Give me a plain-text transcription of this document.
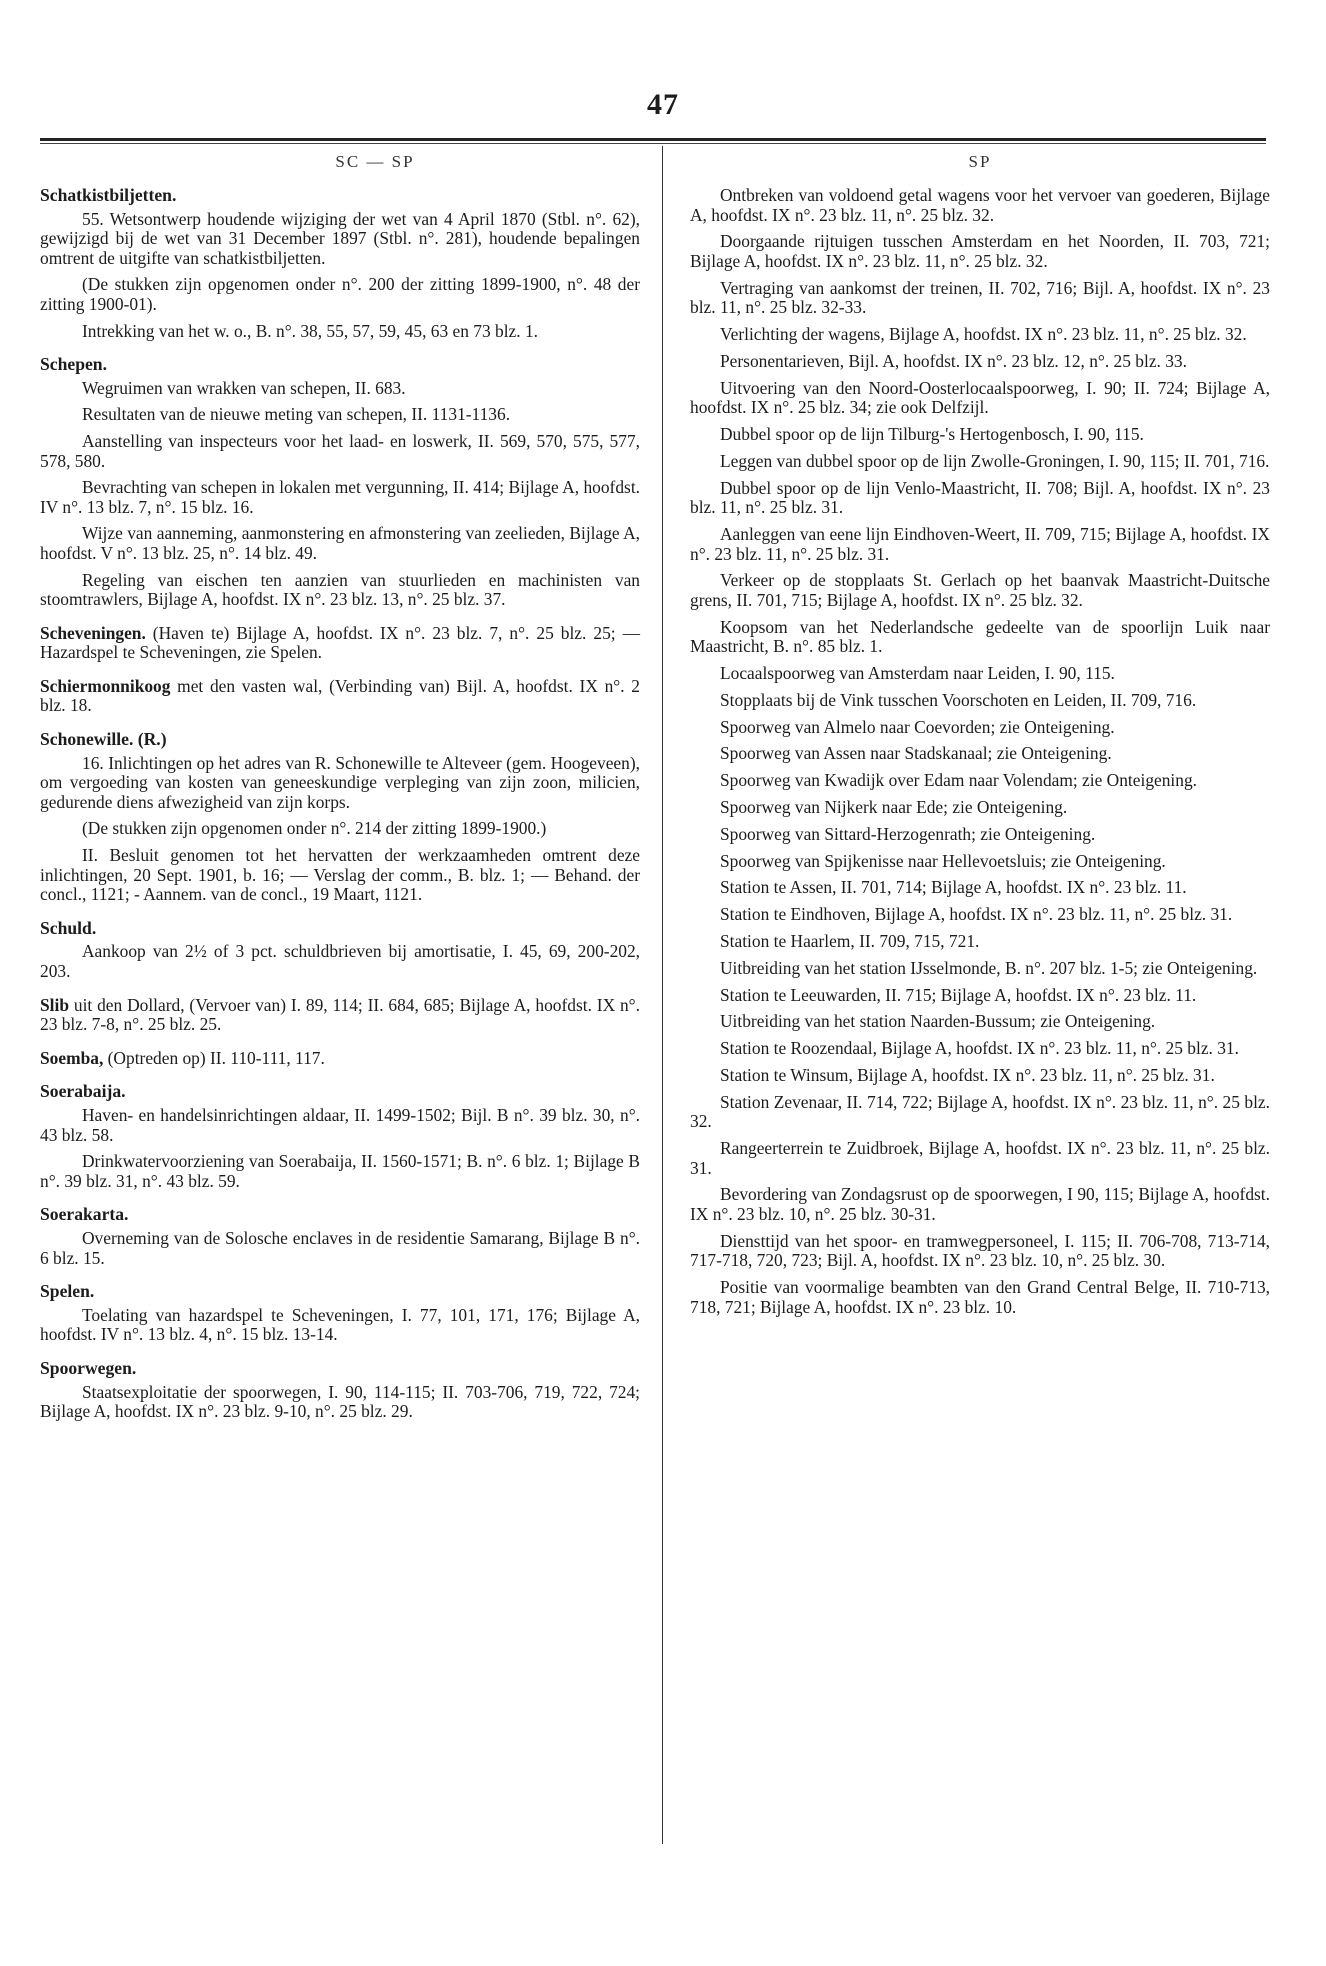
47
SC — SP
Schatkistbiljetten.

55. Wetsontwerp houdende wijziging der wet van 4 April 1870 (Stbl. n°. 62), gewijzigd bij de wet van 31 December 1897 (Stbl. n°. 281), houdende bepalingen omtrent de uitgifte van schatkistbiljetten.

(De stukken zijn opgenomen onder n°. 200 der zitting 1899-1900, n°. 48 der zitting 1900-01).

Intrekking van het w. o., B. n°. 38, 55, 57, 59, 45, 63 en 73 blz. 1.

Schepen.

Wegruimen van wrakken van schepen, II. 683.

Resultaten van de nieuwe meting van schepen, II. 1131-1136.

Aanstelling van inspecteurs voor het laad- en loswerk, II. 569, 570, 575, 577, 578, 580.

Bevrachting van schepen in lokalen met vergunning, II. 414; Bijlage A, hoofdst. IV n°. 13 blz. 7, n°. 15 blz. 16.

Wijze van aanneming, aanmonstering en afmonstering van zeelieden, Bijlage A, hoofdst. V n°. 13 blz. 25, n°. 14 blz. 49.

Regeling van eischen ten aanzien van stuurlieden en machinisten van stoomtrawlers, Bijlage A, hoofdst. IX n°. 23 blz. 13, n°. 25 blz. 37.

Scheveningen. (Haven te) Bijlage A, hoofdst. IX n°. 23 blz. 7, n°. 25 blz. 25; — Hazardspel te Scheveningen, zie Spelen.
Schiermonnikoog met den vasten wal, (Verbinding van) Bijl. A, hoofdst. IX n°. 2 blz. 18.
Schonewille. (R.)

16. Inlichtingen op het adres van R. Schonewille te Alteveer (gem. Hoogeveen), om vergoeding van kosten van geneeskundige verpleging van zijn zoon, milicien, gedurende diens afwezigheid van zijn korps.

(De stukken zijn opgenomen onder n°. 214 der zitting 1899-1900.)

II. Besluit genomen tot het hervatten der werkzaamheden omtrent deze inlichtingen, 20 Sept. 1901, b. 16; — Verslag der comm., B. blz. 1; — Behand. der concl., 1121; - Aannem. van de concl., 19 Maart, 1121.

Schuld.

Aankoop van 2½ of 3 pct. schuldbrieven bij amortisatie, I. 45, 69, 200-202, 203.

Slib uit den Dollard, (Vervoer van) I. 89, 114; II. 684, 685; Bijlage A, hoofdst. IX n°. 23 blz. 7-8, n°. 25 blz. 25.
Soemba, (Optreden op) II. 110-111, 117.
Soerabaija.

Haven- en handelsinrichtingen aldaar, II. 1499-1502; Bijl. B n°. 39 blz. 30, n°. 43 blz. 58.

Drinkwatervoorziening van Soerabaija, II. 1560-1571; B. n°. 6 blz. 1; Bijlage B n°. 39 blz. 31, n°. 43 blz. 59.

Soerakarta.

Overneming van de Solosche enclaves in de residentie Samarang, Bijlage B n°. 6 blz. 15.

Spelen.

Toelating van hazardspel te Scheveningen, I. 77, 101, 171, 176; Bijlage A, hoofdst. IV n°. 13 blz. 4, n°. 15 blz. 13-14.

Spoorwegen.

Staatsexploitatie der spoorwegen, I. 90, 114-115; II. 703-706, 719, 722, 724; Bijlage A, hoofdst. IX n°. 23 blz. 9-10, n°. 25 blz. 29.

SP

Ontbreken van voldoend getal wagens voor het vervoer van goederen, Bijlage A, hoofdst. IX n°. 23 blz. 11, n°. 25 blz. 32.

Doorgaande rijtuigen tusschen Amsterdam en het Noorden, II. 703, 721; Bijlage A, hoofdst. IX n°. 23 blz. 11, n°. 25 blz. 32.

Vertraging van aankomst der treinen, II. 702, 716; Bijl. A, hoofdst. IX n°. 23 blz. 11, n°. 25 blz. 32-33.

Verlichting der wagens, Bijlage A, hoofdst. IX n°. 23 blz. 11, n°. 25 blz. 32.

Personentarieven, Bijl. A, hoofdst. IX n°. 23 blz. 12, n°. 25 blz. 33.

Uitvoering van den Noord-Oosterlocaalspoorweg, I. 90; II. 724; Bijlage A, hoofdst. IX n°. 25 blz. 34; zie ook Delfzijl.

Dubbel spoor op de lijn Tilburg-'s Hertogenbosch, I. 90, 115.

Leggen van dubbel spoor op de lijn Zwolle-Groningen, I. 90, 115; II. 701, 716.

Dubbel spoor op de lijn Venlo-Maastricht, II. 708; Bijl. A, hoofdst. IX n°. 23 blz. 11, n°. 25 blz. 31.

Aanleggen van eene lijn Eindhoven-Weert, II. 709, 715; Bijlage A, hoofdst. IX n°. 23 blz. 11, n°. 25 blz. 31.

Verkeer op de stopplaats St. Gerlach op het baanvak Maastricht-Duitsche grens, II. 701, 715; Bijlage A, hoofdst. IX n°. 25 blz. 32.

Koopsom van het Nederlandsche gedeelte van de spoorlijn Luik naar Maastricht, B. n°. 85 blz. 1.

Locaalspoorweg van Amsterdam naar Leiden, I. 90, 115.

Stopplaats bij de Vink tusschen Voorschoten en Leiden, II. 709, 716.

Spoorweg van Almelo naar Coevorden; zie Onteigening.

Spoorweg van Assen naar Stadskanaal; zie Onteigening.

Spoorweg van Kwadijk over Edam naar Volendam; zie Onteigening.

Spoorweg van Nijkerk naar Ede; zie Onteigening.

Spoorweg van Sittard-Herzogenrath; zie Onteigening.

Spoorweg van Spijkenisse naar Hellevoetsluis; zie Onteigening.

Station te Assen, II. 701, 714; Bijlage A, hoofdst. IX n°. 23 blz. 11.

Station te Eindhoven, Bijlage A, hoofdst. IX n°. 23 blz. 11, n°. 25 blz. 31.

Station te Haarlem, II. 709, 715, 721.

Uitbreiding van het station IJsselmonde, B. n°. 207 blz. 1-5; zie Onteigening.

Station te Leeuwarden, II. 715; Bijlage A, hoofdst. IX n°. 23 blz. 11.

Uitbreiding van het station Naarden-Bussum; zie Onteigening.

Station te Roozendaal, Bijlage A, hoofdst. IX n°. 23 blz. 11, n°. 25 blz. 31.

Station te Winsum, Bijlage A, hoofdst. IX n°. 23 blz. 11, n°. 25 blz. 31.

Station Zevenaar, II. 714, 722; Bijlage A, hoofdst. IX n°. 23 blz. 11, n°. 25 blz. 32.

Rangeerterrein te Zuidbroek, Bijlage A, hoofdst. IX n°. 23 blz. 11, n°. 25 blz. 31.

Bevordering van Zondagsrust op de spoorwegen, I 90, 115; Bijlage A, hoofdst. IX n°. 23 blz. 10, n°. 25 blz. 30-31.

Diensttijd van het spoor- en tramwegpersoneel, I. 115; II. 706-708, 713-714, 717-718, 720, 723; Bijl. A, hoofdst. IX n°. 23 blz. 10, n°. 25 blz. 30.

Positie van voormalige beambten van den Grand Central Belge, II. 710-713, 718, 721; Bijlage A, hoofdst. IX n°. 23 blz. 10.
